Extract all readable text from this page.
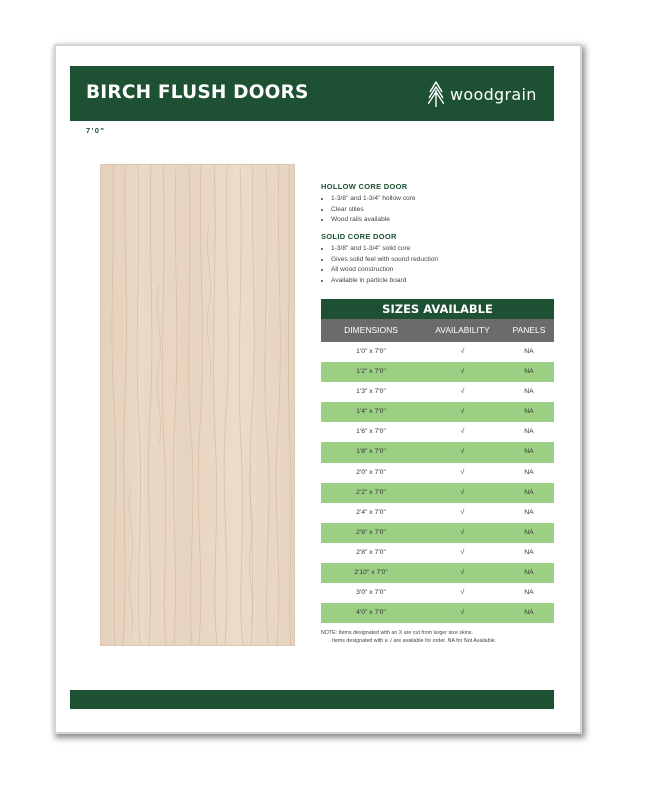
BIRCH FLUSH DOORS	woodgrain
7'0"
HOLLOW CORE DOOR
• 1-3/8" and 1-3/4" hollow core
• Clear stiles
• Wood rails available
SOLID CORE DOOR
• 1-3/8" and 1-3/4" solid core
• Gives solid feel with sound reduction
• All wood construction
• Available in particle board
SIZES AVAILABLE
DIMENSIONS	AVAILABILITY	PANELS
1'0" x 7'0"	√	NA
1'2" x 7'0"	√	NA
1'3" x 7'0"	√	NA
1'4" x 7'0"	√	NA
1'6" x 7'0"	√	NA
1'8" x 7'0"	√	NA
2'0" x 7'0"	√	NA
2'2" x 7'0"	√	NA
2'4" x 7'0"	√	NA
2'6" x 7'0"	√	NA
2'8" x 7'0"	√	NA
2'10" x 7'0"	√	NA
3'0" x 7'0"	√	NA
4'0" x 7'0"	√	NA
NOTE: Items designated with an X are cut from larger size skins.
Items designated with a √ are available for order. NA for Not Available.
